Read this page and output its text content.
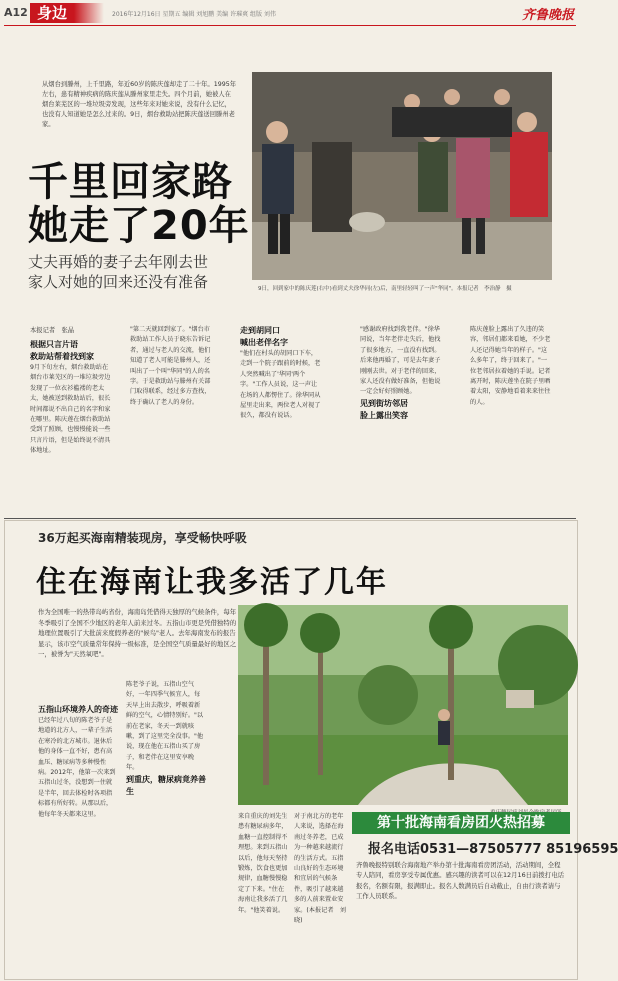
A12 身边	2016年12月16日 星期五 编辑 刘旭鹏 美编 许璀爽 组版 刘伟	齐鲁晚报
从烟台到滕州，上千里路，年近60岁的陈庆莲却走了二十年。1995年左右，患有精神疾病的陈庆莲从滕州家里走失。四个月前，她被人在烟台莱芜区的一堆垃圾旁发现，这些年来对她来说，没有什么记忆，也没有人知道她是怎么过来的。9日，烟台救助站把陈庆莲送回滕州老家。
9日，回到家中的陈庆莲(右中)看到丈夫徐华同(左)后，南里轻轻叫了一声"华同"。本报记者　李治静　摄
千里回家路
她走了20年
丈夫再婚的妻子去年刚去世
家人对她的回来还没有准备
本报记者　张晶
根据只言片语
救助站帮着找到家
9月下旬左右，烟台救助站在烟台市莱芜区的一堆垃圾旁边发现了一位衣衫褴褛的老太太，她被送到救助站后，很长时间都说不出自己的名字和家在哪里。陈庆莲在烟台救助站受到了照顾，也慢慢能说一些只言片语，但是始终说不清具体地址。
"第二天就回到家了。"烟台市救助站工作人员于晓东告诉记者，通过与老人的交流，他们知道了老人可能是滕州人，还叫出了一个叫"华同"的人的名字。于是救助站与滕州有关部门取得联系，经过多方查找，终于确认了老人的身份。
走到胡同口
喊出老伴名字
"他们在村头的胡同口下车，走到一个院子跟前的时候，老人突然喊出了'华同'两个字。"工作人员说，这一声让在场的人都愣住了。徐华同从屋里走出来，两位老人对视了很久，都没有说话。
"感谢政府找到我老伴。"徐华同说，当年老伴走失后，他找了很多地方，一直没有找到。后来他再婚了，可是去年妻子刚刚去世。对于老伴的回来，家人还没有做好准备，但他说一定会好好照顾她。
见到街坊邻居
脸上露出笑容
陈庆莲脸上露出了久违的笑容，邻居们都来看她，不少老人还记得她当年的样子。"这么多年了，终于回来了。"一位老邻居拉着她的手说。记者离开时，陈庆莲坐在院子里晒着太阳，安静地看着来来往往的人。
36万起买海南精装现房，享受畅快呼吸
住在海南让我多活了几年
作为全国唯一的热带岛屿省份，海南岛凭借得天独厚的气候条件，每年冬季吸引了全国不少地区的老年人前来过冬。五指山市更是凭借独特的地理位置吸引了大批前来度假养老的"候鸟"老人。去年海南发布的报告显示，该市空气质量常年保持一级标准，是全国空气质量最好的地区之一，被誉为"天然氧吧"。
五指山环境养人的奇迹
已经年过八旬的陈老爷子是地道的北方人，一辈子生活在寒冷的北方城市。退休后他的身体一直不好，患有高血压、糖尿病等多种慢性病。2012年，他第一次来到五指山过冬，没想到一住就是半年，回去体检时各项指标都有所好转。从那以后，他每年冬天都来这里。
陈老爷子说，五指山空气好，一年四季气候宜人，每天早上出去散步，呼吸着新鲜的空气，心情特别好。"以前在老家，冬天一到就咳嗽，到了这里完全没事。"他说，现在他在五指山买了房子，和老伴在这里安享晚年。
到重庆，糖尿病竟养善生
来自重庆的刘先生患有糖尿病多年，血糖一直控制得不理想。来到五指山以后，他每天坚持锻炼，饮食也更加规律，血糖慢慢稳定了下来。"住在海南让我多活了几年。"他笑着说。
对于南北方的老年人来说，选择在海南过冬养老，已成为一种越来越流行的生活方式。五指山良好的生态环境和宜居的气候条件，吸引了越来越多的人前来置业安家。(本报记者　刘晓)
第十批海南看房团火热招募
报名电话0531—87505777 85196595
齐鲁晚报特别联合海南地产举办第十批海南看房团活动，活动期间，全程专人陪同，看房享受专属优惠。感兴趣的读者可以在12月16日前拨打电话报名，名额有限，报满即止。报名人数满员后自动截止，自由行读者请与工作人员联系。
